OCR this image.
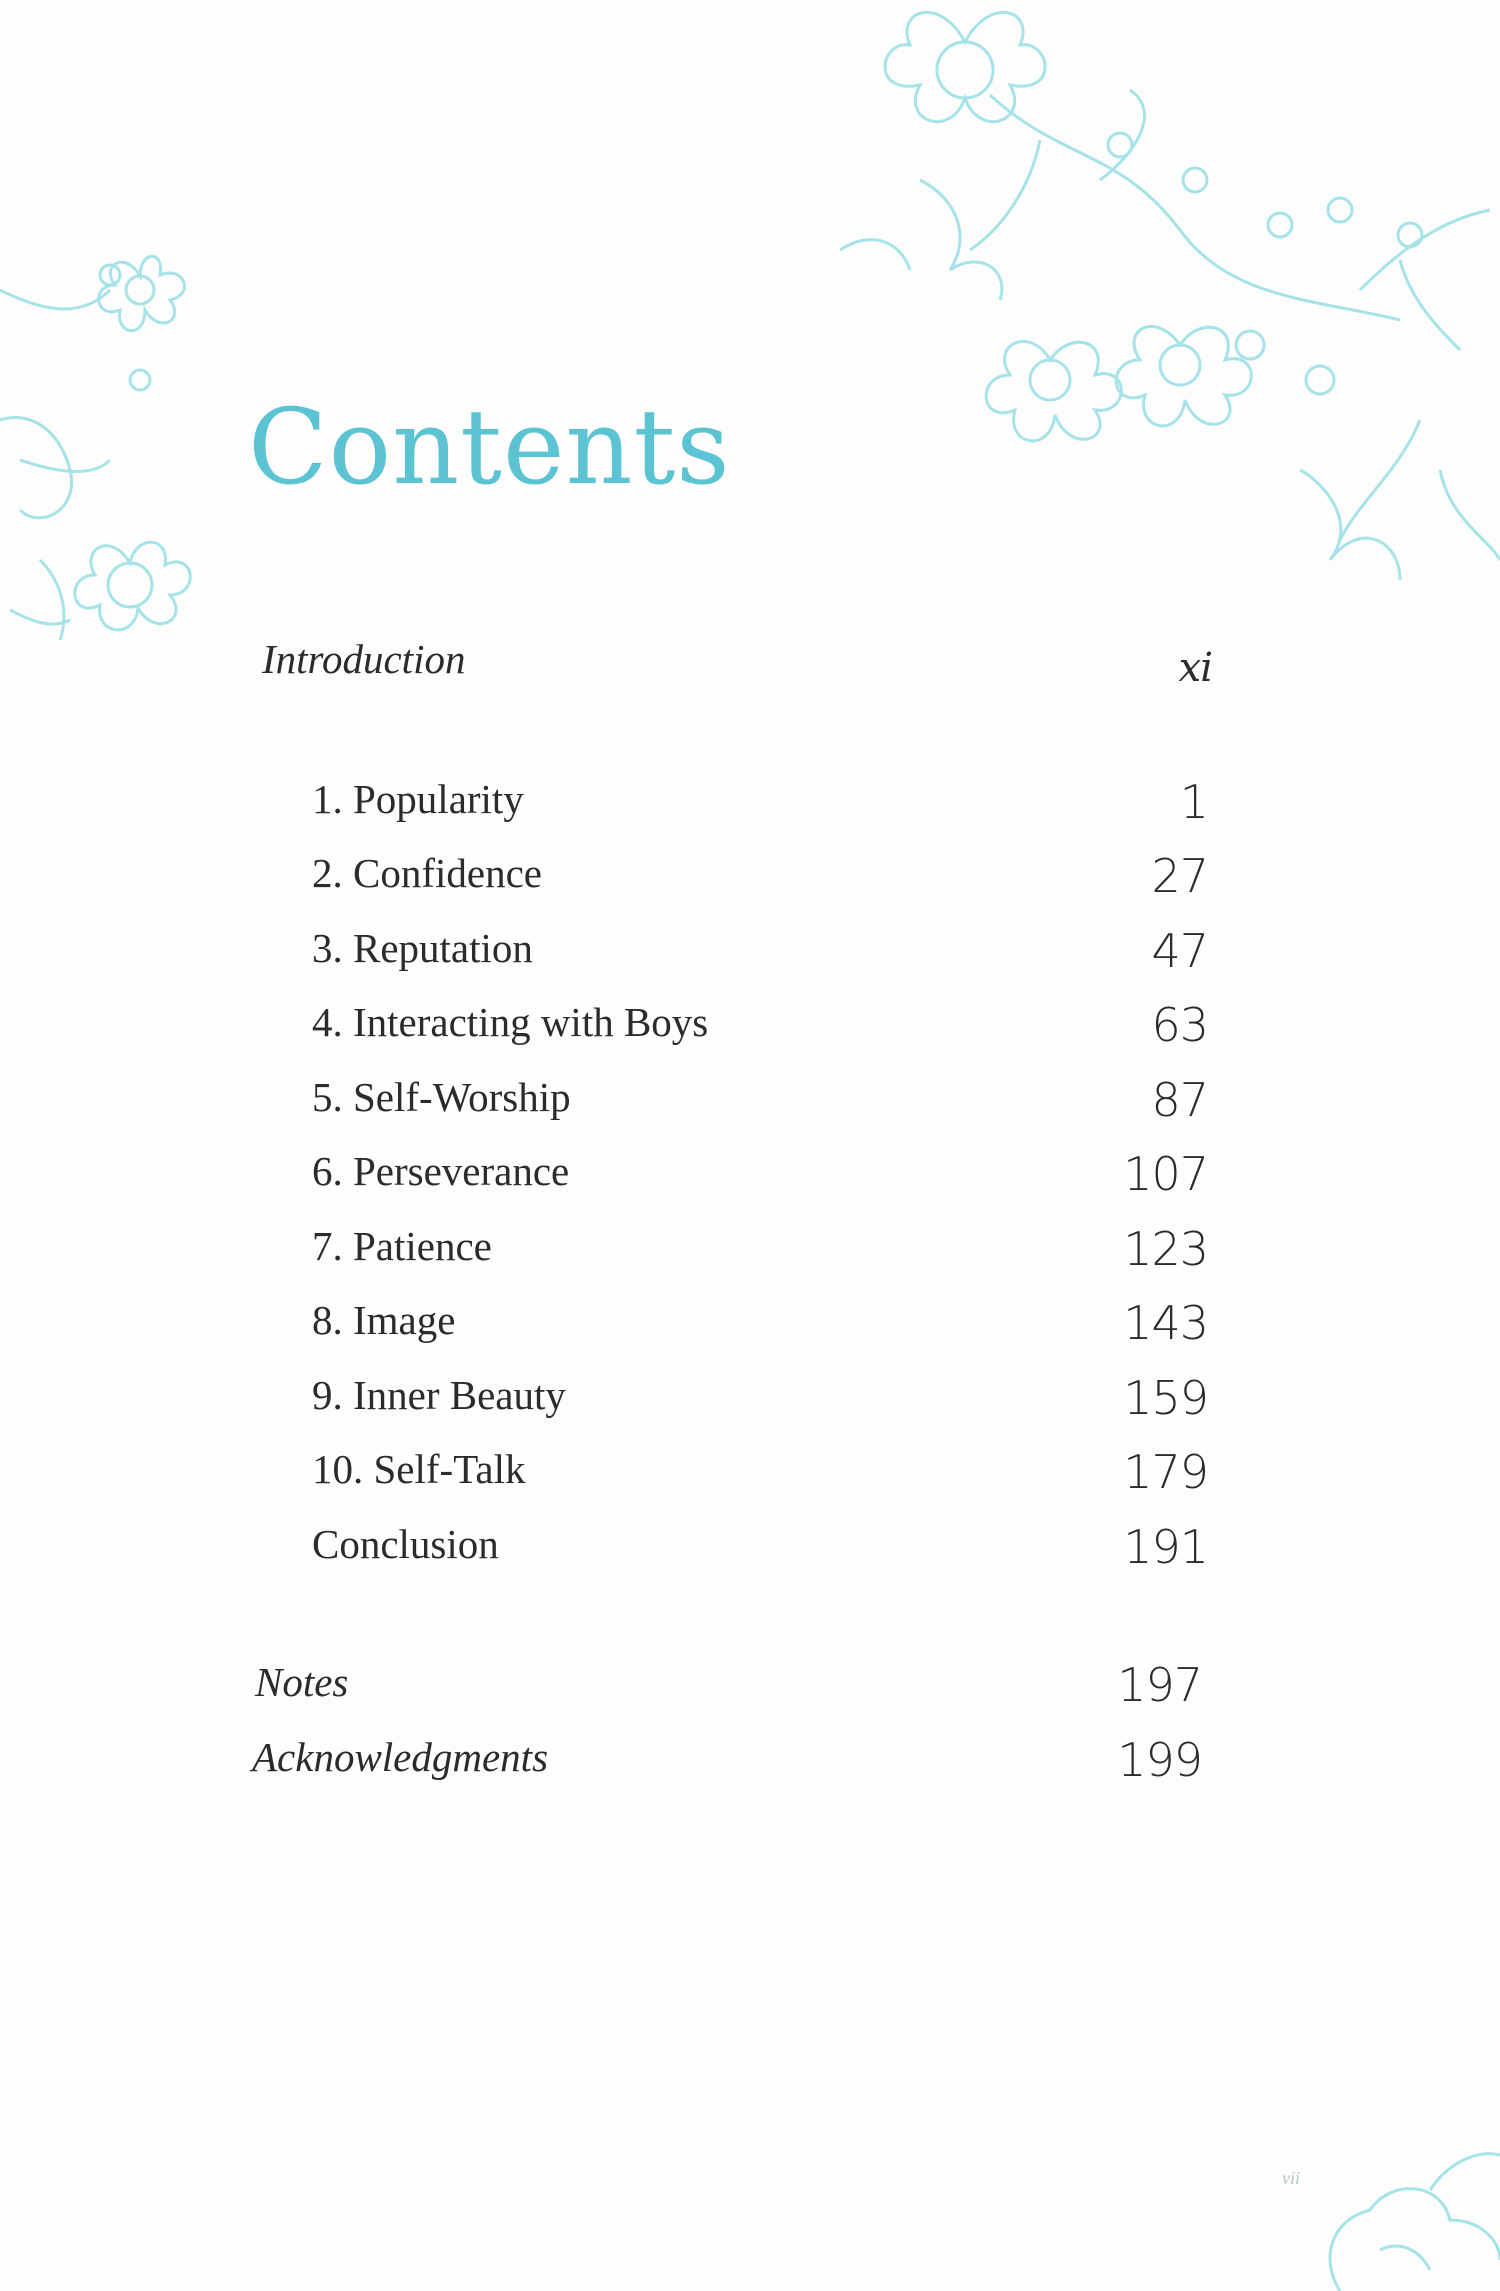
Contents
Introduction	xi
1. Popularity	1
2. Confidence	27
3. Reputation	47
4. Interacting with Boys	63
5. Self-Worship	87
6. Perseverance	107
7. Patience	123
8. Image	143
9. Inner Beauty	159
10. Self-Talk	179
Conclusion	191
Notes	197
Acknowledgments	199
vii
